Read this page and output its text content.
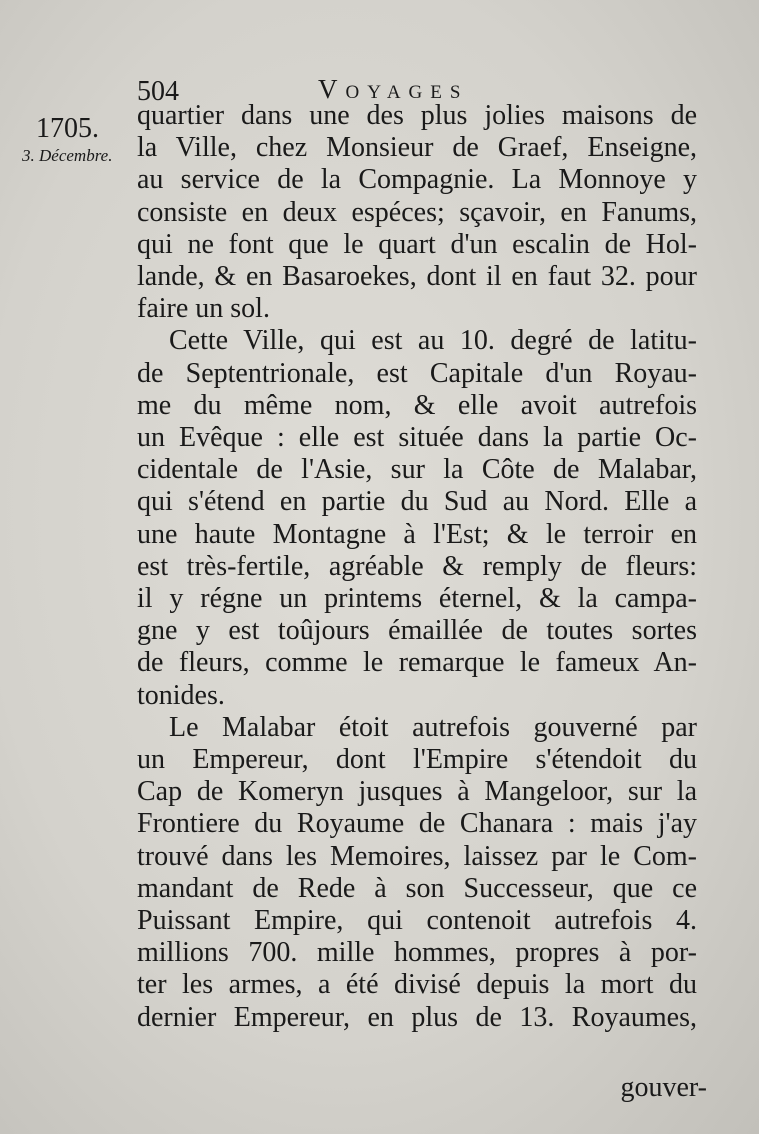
504	Voyages
1705.
3. Décembre.
quartier dans une des plus jolies maisons de
la Ville, chez Monsieur de Graef, Enseigne,
au service de la Compagnie. La Monnoye y
consiste en deux espéces; sçavoir, en Fanums,
qui ne font que le quart d'un escalin de Hol-
lande, & en Basaroekes, dont il en faut 32. pour
faire un sol.
Cette Ville, qui est au 10. degré de latitu-
de Septentrionale, est Capitale d'un Royau-
me du même nom, & elle avoit autrefois
un Evêque : elle est située dans la partie Oc-
cidentale de l'Asie, sur la Côte de Malabar,
qui s'étend en partie du Sud au Nord. Elle a
une haute Montagne à l'Est; & le terroir en
est très-fertile, agréable & remply de fleurs:
il y régne un printems éternel, & la campa-
gne y est toûjours émaillée de toutes sortes
de fleurs, comme le remarque le fameux An-
tonides.
Le Malabar étoit autrefois gouverné par
un Empereur, dont l'Empire s'étendoit du
Cap de Komeryn jusques à Mangeloor, sur la
Frontiere du Royaume de Chanara : mais j'ay
trouvé dans les Memoires, laissez par le Com-
mandant de Rede à son Successeur, que ce
Puissant Empire, qui contenoit autrefois 4.
millions 700. mille hommes, propres à por-
ter les armes, a été divisé depuis la mort du
dernier Empereur, en plus de 13. Royaumes,
gouver-
